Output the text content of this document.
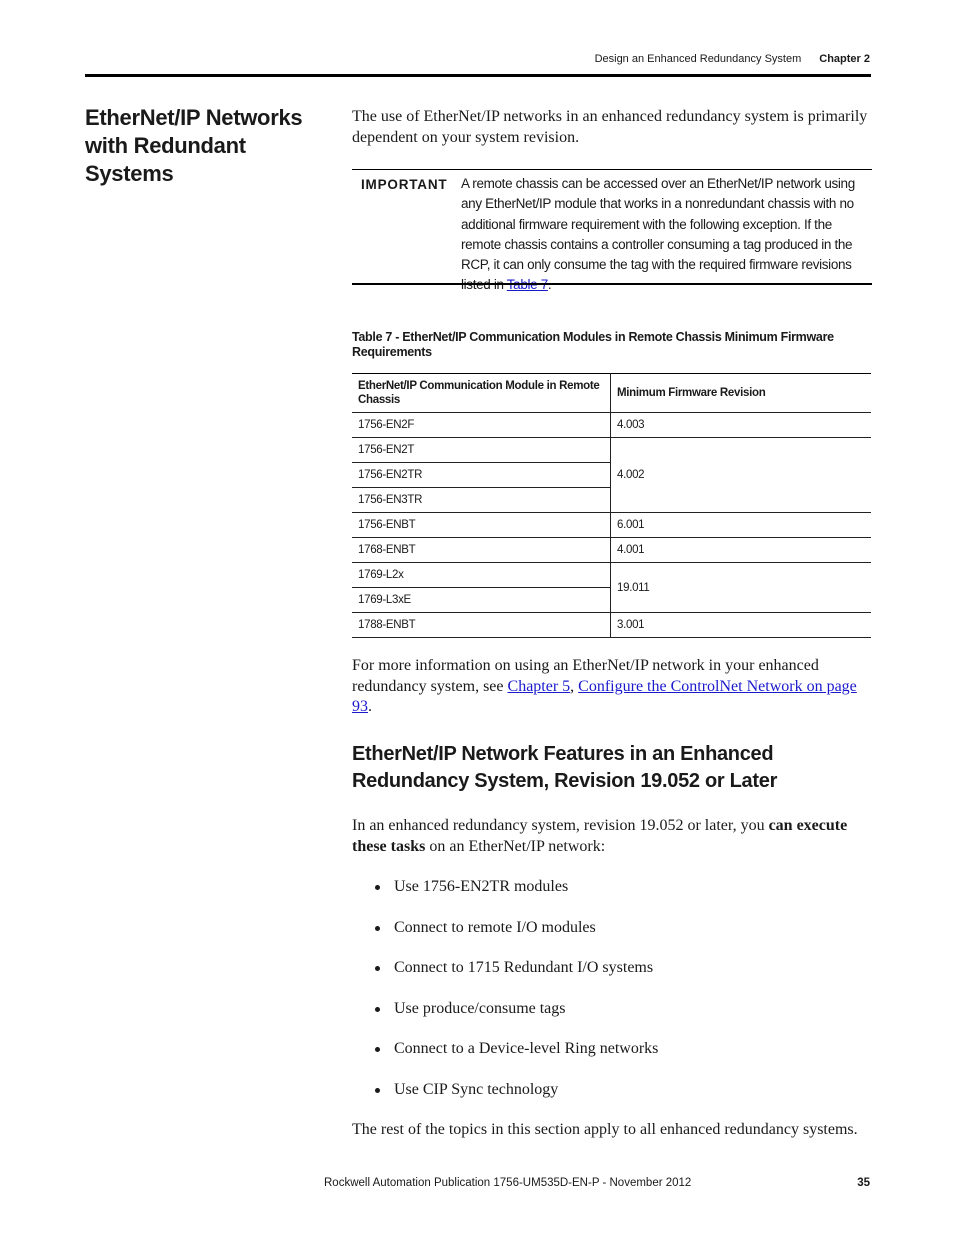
Design an Enhanced Redundancy System Chapter 2
EtherNet/IP Networks with Redundant Systems
The use of EtherNet/IP networks in an enhanced redundancy system is primarily dependent on your system revision.
IMPORTANT A remote chassis can be accessed over an EtherNet/IP network using any EtherNet/IP module that works in a nonredundant chassis with no additional firmware requirement with the following exception. If the remote chassis contains a controller consuming a tag produced in the RCP, it can only consume the tag with the required firmware revisions
Table 7 - EtherNet/IP Communication Modules in Remote Chassis Minimum Firmware Requirements
EtherNet/IP Communication Module in Remote Chassis	Minimum Firmware Revision
1756-EN2F	4.003
1756-EN2T	4.002
1756-EN2TR	
1756-EN3TR	
1756-ENBT	6.001
1768-ENBT	4.001
1769-L2x	19.011
1769-L3xE	
1788-ENBT	3.001
For more information on using an EtherNet/IP network in your enhanced redundancy system, see Chapter 5, Configure the ControlNet Network on page 93.
EtherNet/IP Network Features in an Enhanced Redundancy System, Revision 19.052 or Later
In an enhanced redundancy system, revision 19.052 or later, you can execute these tasks on an EtherNet/IP network:
Use 1756-EN2TR modules
Connect to remote I/O modules
Connect to 1715 Redundant I/O systems
Use produce/consume tags
Connect to a Device-level Ring networks
Use CIP Sync technology
The rest of the topics in this section apply to all enhanced redundancy systems.
Rockwell Automation Publication 1756-UM535D-EN-P - November 2012	35
